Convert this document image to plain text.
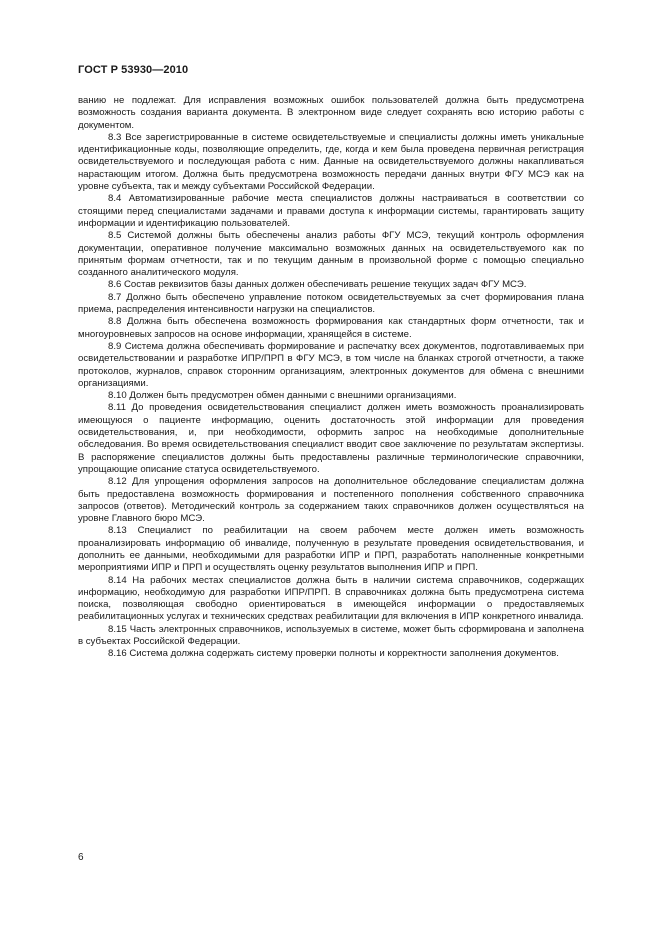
ГОСТ Р 53930—2010

ванию не подлежат. Для исправления возможных ошибок пользователей должна быть предусмотрена возможность создания варианта документа. В электронном виде следует сохранять всю историю работы с документом.

8.3 Все зарегистрированные в системе освидетельствуемые и специалисты должны иметь уникальные идентификационные коды, позволяющие определить, где, когда и кем была проведена первичная регистрация освидетельствуемого и последующая работа с ним. Данные на освидетельствуемого должны накапливаться нарастающим итогом. Должна быть предусмотрена возможность передачи данных внутри ФГУ МСЭ как на уровне субъекта, так и между субъектами Российской Федерации.

8.4 Автоматизированные рабочие места специалистов должны настраиваться в соответствии со стоящими перед специалистами задачами и правами доступа к информации системы, гарантировать защиту информации и идентификацию пользователей.

8.5 Системой должны быть обеспечены анализ работы ФГУ МСЭ, текущий контроль оформления документации, оперативное получение максимально возможных данных на освидетельствуемого как по принятым формам отчетности, так и по текущим данным в произвольной форме с помощью специально созданного аналитического модуля.

8.6 Состав реквизитов базы данных должен обеспечивать решение текущих задач ФГУ МСЭ.

8.7 Должно быть обеспечено управление потоком освидетельствуемых за счет формирования плана приема, распределения интенсивности нагрузки на специалистов.

8.8 Должна быть обеспечена возможность формирования как стандартных форм отчетности, так и многоуровневых запросов на основе информации, хранящейся в системе.

8.9 Система должна обеспечивать формирование и распечатку всех документов, подготавливаемых при освидетельствовании и разработке ИПР/ПРП в ФГУ МСЭ, в том числе на бланках строгой отчетности, а также протоколов, журналов, справок сторонним организациям, электронных документов для обмена с внешними организациями.

8.10 Должен быть предусмотрен обмен данными с внешними организациями.

8.11 До проведения освидетельствования специалист должен иметь возможность проанализировать имеющуюся о пациенте информацию, оценить достаточность этой информации для проведения освидетельствования, и, при необходимости, оформить запрос на необходимые дополнительные обследования. Во время освидетельствования специалист вводит свое заключение по результатам экспертизы. В распоряжение специалистов должны быть предоставлены различные терминологические справочники, упрощающие описание статуса освидетельствуемого.

8.12 Для упрощения оформления запросов на дополнительное обследование специалистам должна быть предоставлена возможность формирования и постепенного пополнения собственного справочника запросов (ответов). Методический контроль за содержанием таких справочников должен осуществляться на уровне Главного бюро МСЭ.

8.13 Специалист по реабилитации на своем рабочем месте должен иметь возможность проанализировать информацию об инвалиде, полученную в результате проведения освидетельствования, и дополнить ее данными, необходимыми для разработки ИПР и ПРП, разработать наполненные конкретными мероприятиями ИПР и ПРП и осуществлять оценку результатов выполнения ИПР и ПРП.

8.14 На рабочих местах специалистов должна быть в наличии система справочников, содержащих информацию, необходимую для разработки ИПР/ПРП. В справочниках должна быть предусмотрена система поиска, позволяющая свободно ориентироваться в имеющейся информации о предоставляемых реабилитационных услугах и технических средствах реабилитации для включения в ИПР конкретного инвалида.

8.15 Часть электронных справочников, используемых в системе, может быть сформирована и заполнена в субъектах Российской Федерации.

8.16 Система должна содержать систему проверки полноты и корректности заполнения документов.

6
